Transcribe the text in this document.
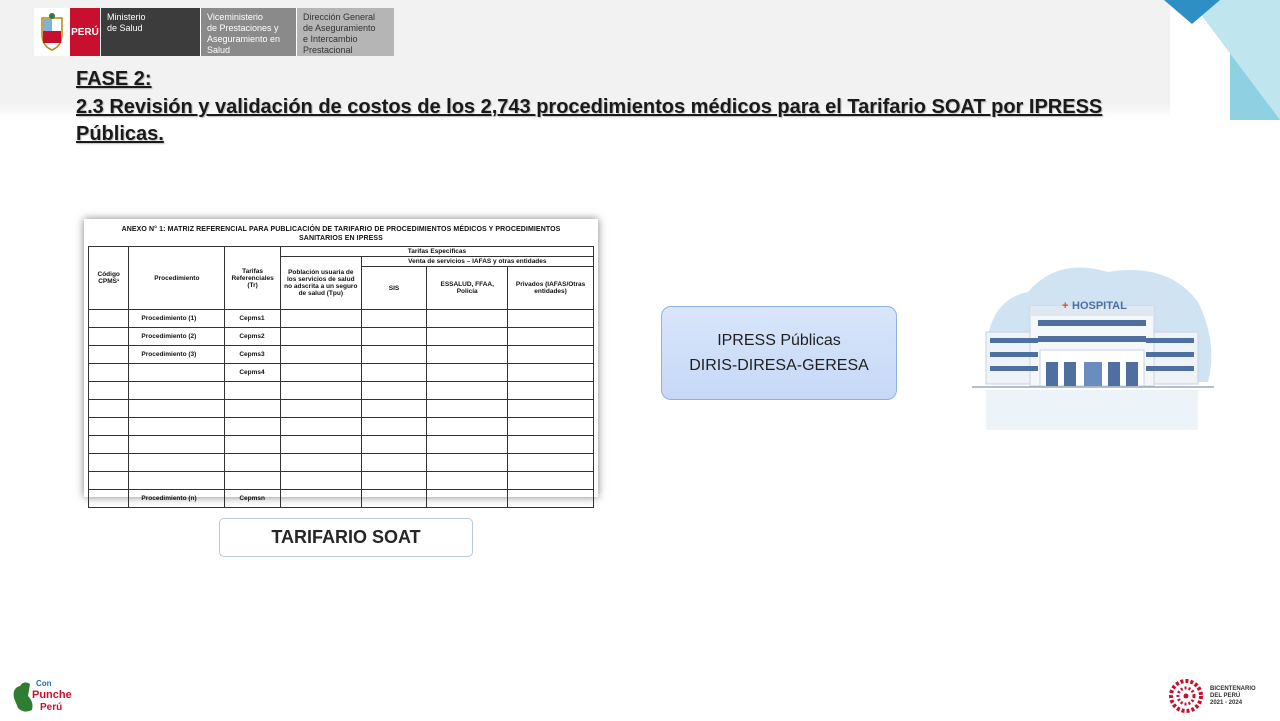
PERÚ
Ministerio
de Salud
Viceministerio
de Prestaciones y
Aseguramiento en Salud
Dirección General
de Aseguramiento
e Intercambio Prestacional
FASE 2:
2.3 Revisión y validación de costos de los 2,743 procedimientos médicos para el Tarifario SOAT por IPRESS Públicas.
ANEXO N° 1: MATRIZ REFERENCIAL PARA PUBLICACIÓN DE TARIFARIO DE PROCEDIMIENTOS MÉDICOS Y PROCEDIMIENTOS
SANITARIOS EN IPRESS
Código CPMS¹	Procedimiento	Tarifas Referenciales (Tr)	Tarifas Especificas			
			Población usuaria de los servicios de salud no adscrita a un seguro de salud (Tpu)	Venta de servicios – IAFAS y otras entidades		
				SIS	ESSALUD, FFAA, Policía	Privados (IAFAS/Otras entidades)
	Procedimiento (1)	Cepms1				
	Procedimiento (2)	Cepms2				
	Procedimiento (3)	Cepms3				
		Cepms4				

	Procedimiento (n)	Cepmsn				
TARIFARIO SOAT
IPRESS Públicas
DIRIS-DIRESA-GERESA
+ HOSPITAL
Con
Punche
Perú
BICENTENARIO
DEL PERÚ
2021 - 2024
